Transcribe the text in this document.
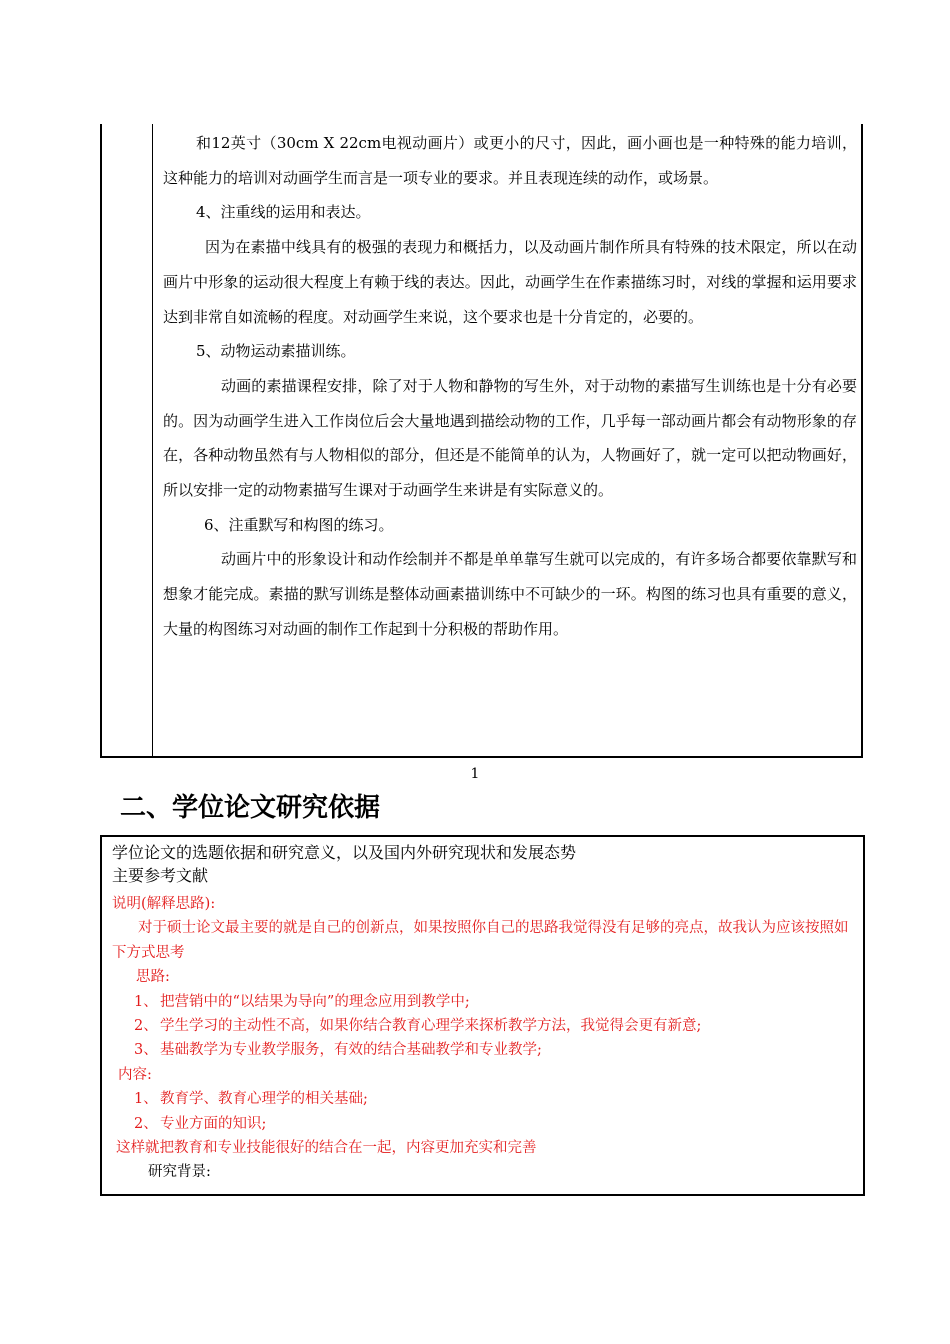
和12英寸（30cm X 22cm电视动画片）或更小的尺寸，因此，画小画也是一种特殊的能力培训，这种能力的培训对动画学生而言是一项专业的要求。并且表现连续的动作，或场景。

4、注重线的运用和表达。

因为在素描中线具有的极强的表现力和概括力，以及动画片制作所具有特殊的技术限定，所以在动画片中形象的运动很大程度上有赖于线的表达。因此，动画学生在作素描练习时，对线的掌握和运用要求达到非常自如流畅的程度。对动画学生来说，这个要求也是十分肯定的，必要的。

5、动物运动素描训练。

动画的素描课程安排，除了对于人物和静物的写生外，对于动物的素描写生训练也是十分有必要的。因为动画学生进入工作岗位后会大量地遇到描绘动物的工作，几乎每一部动画片都会有动物形象的存在，各种动物虽然有与人物相似的部分，但还是不能简单的认为，人物画好了，就一定可以把动物画好，所以安排一定的动物素描写生课对于动画学生来讲是有实际意义的。

6、注重默写和构图的练习。

动画片中的形象设计和动作绘制并不都是单单靠写生就可以完成的，有许多场合都要依靠默写和想象才能完成。素描的默写训练是整体动画素描训练中不可缺少的一环。构图的练习也具有重要的意义，大量的构图练习对动画的制作工作起到十分积极的帮助作用。

1
二、学位论文研究依据
学位论文的选题依据和研究意义，以及国内外研究现状和发展态势
主要参考文献

说明(解释思路):

对于硕士论文最主要的就是自己的创新点，如果按照你自己的思路我觉得没有足够的亮点，故我认为应该按照如下方式思考

思路:

1、 把营销中的“以结果为导向”的理念应用到教学中;

2、 学生学习的主动性不高，如果你结合教育心理学来探析教学方法，我觉得会更有新意;

3、 基础教学为专业教学服务，有效的结合基础教学和专业教学;

内容:

1、 教育学、教育心理学的相关基础;

2、 专业方面的知识;

这样就把教育和专业技能很好的结合在一起，内容更加充实和完善

研究背景:
